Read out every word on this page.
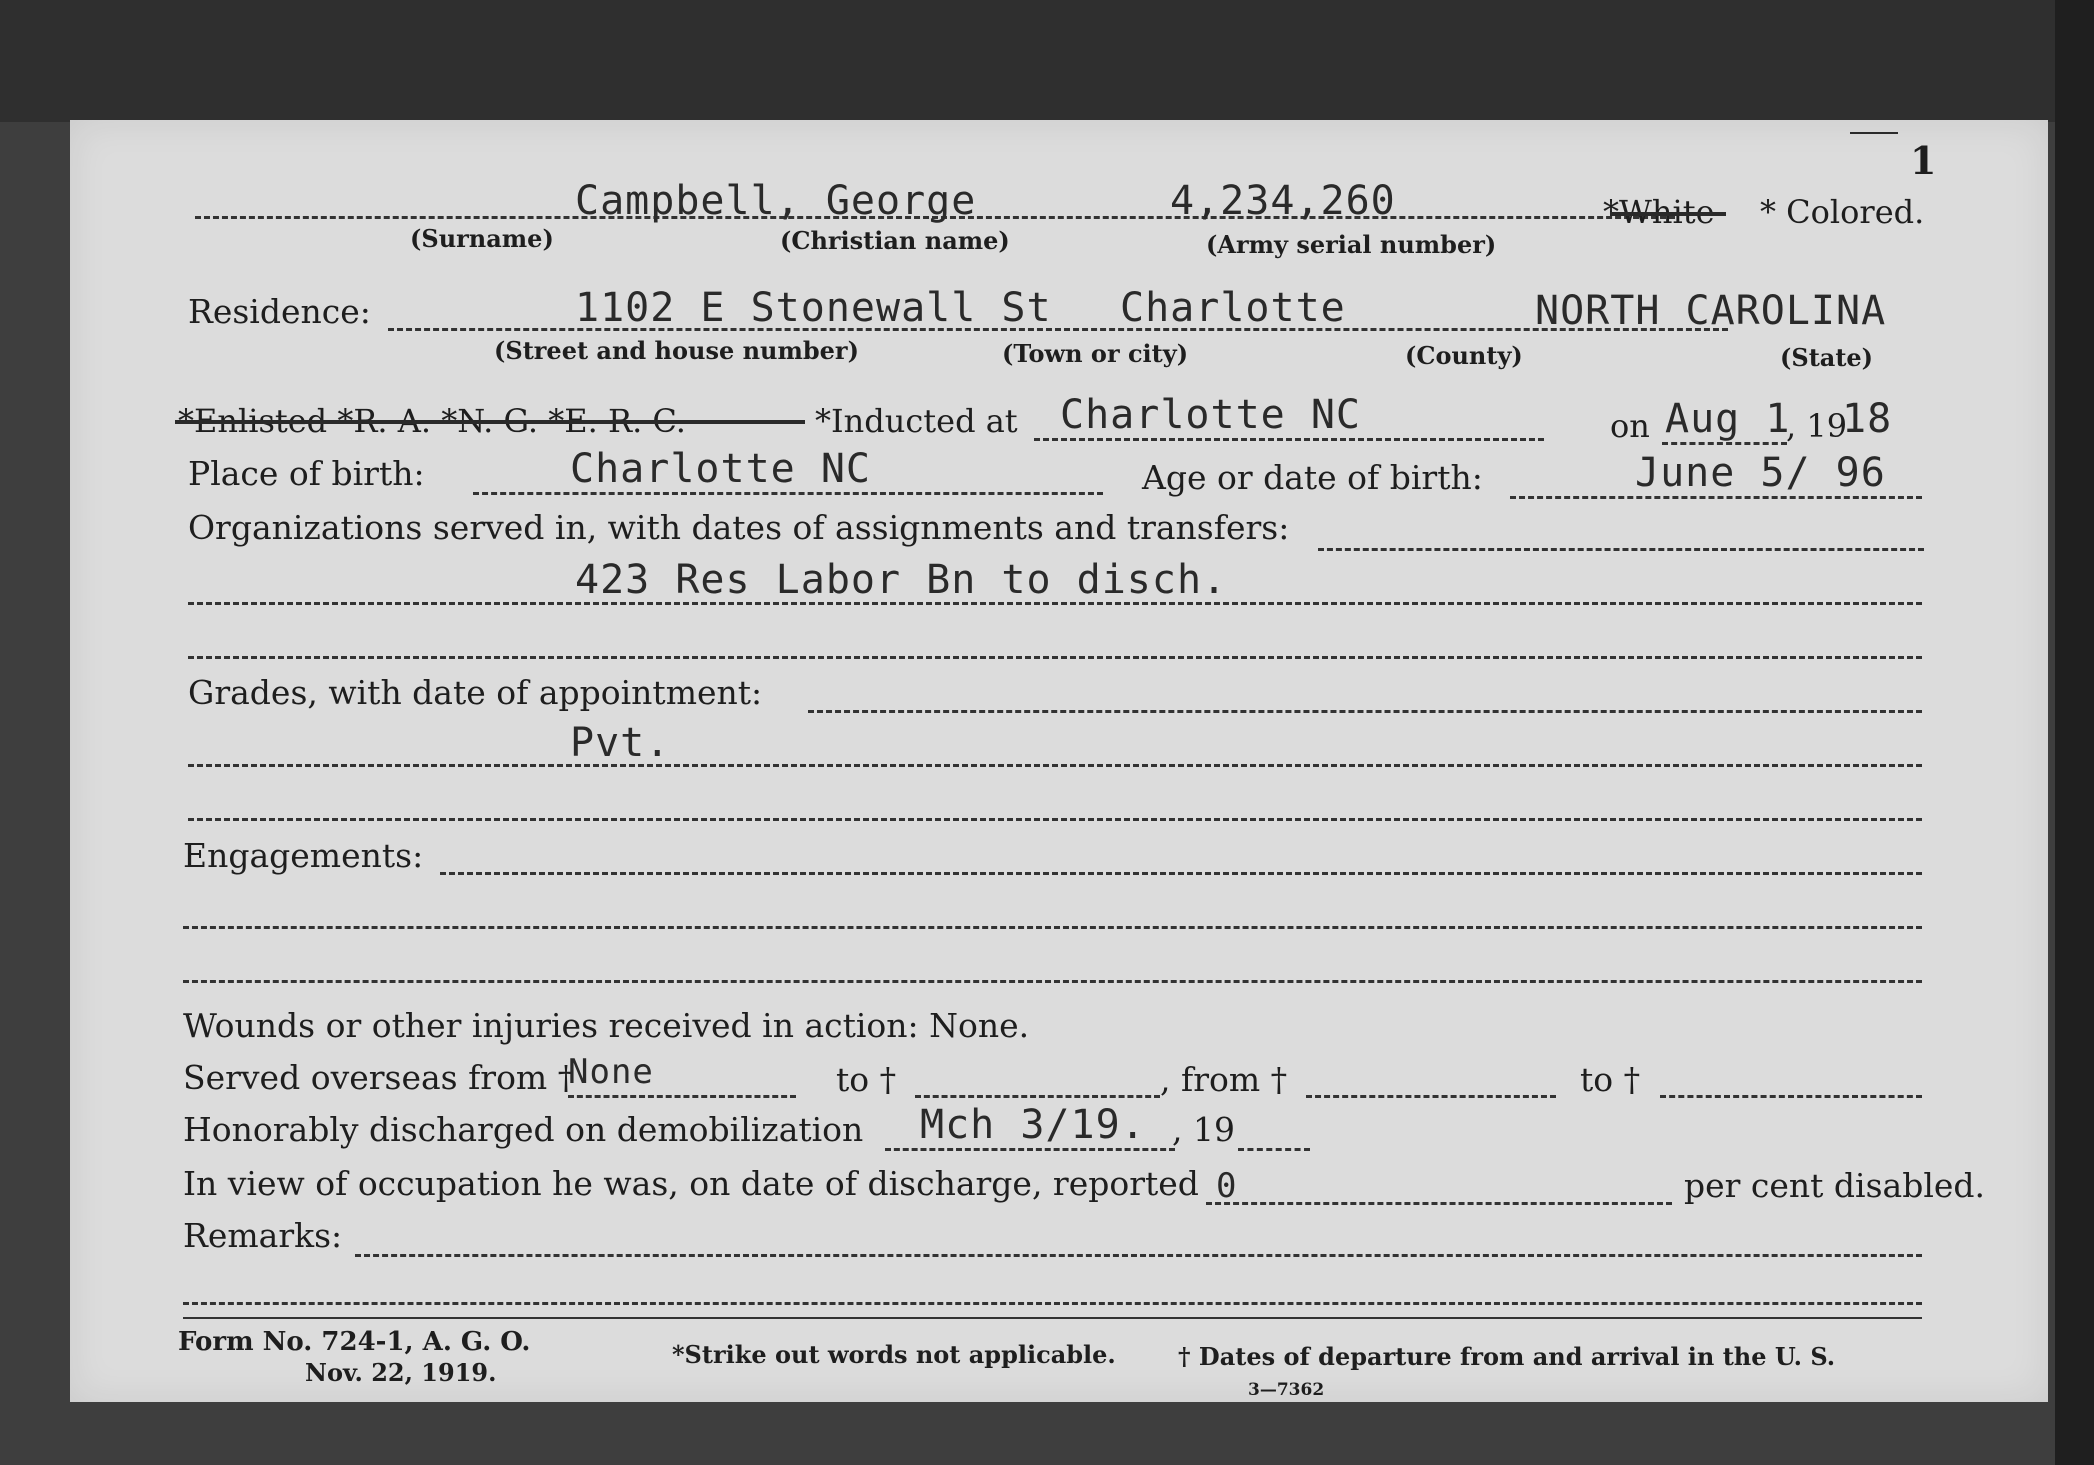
1
Campbell, George	4,234,260	*White * Colored.
(Surname)	(Christian name)	(Army serial number)
Residence:	1102 E Stonewall St Charlotte	NORTH CAROLINA
(Street and house number)	(Town or city)	(County)	(State)
*Enlisted *R. A. *N. G. *E. R. C.	*Inducted at Charlotte NC	on Aug 1
, 19
18
Place of birth:	Charlotte NC	Age or date of birth:	June 5/ 96
Organizations served in, with dates of assignments and transfers:
423 Res Labor Bn to disch.
Grades, with date of appointment:
Pvt.
Engagements:
Wounds or other injuries received in action: None.
Served overseas from †
None	to †	, from †	to †
Honorably discharged on demobilization Mch 3/19. , 19
In view of occupation he was, on date of discharge, reported 0	per cent disabled.
Remarks:
Form No. 724-1, A. G. O.
Nov. 22, 1919.
*Strike out words not applicable.	† Dates of departure from and arrival in the U. S.
3—7362
